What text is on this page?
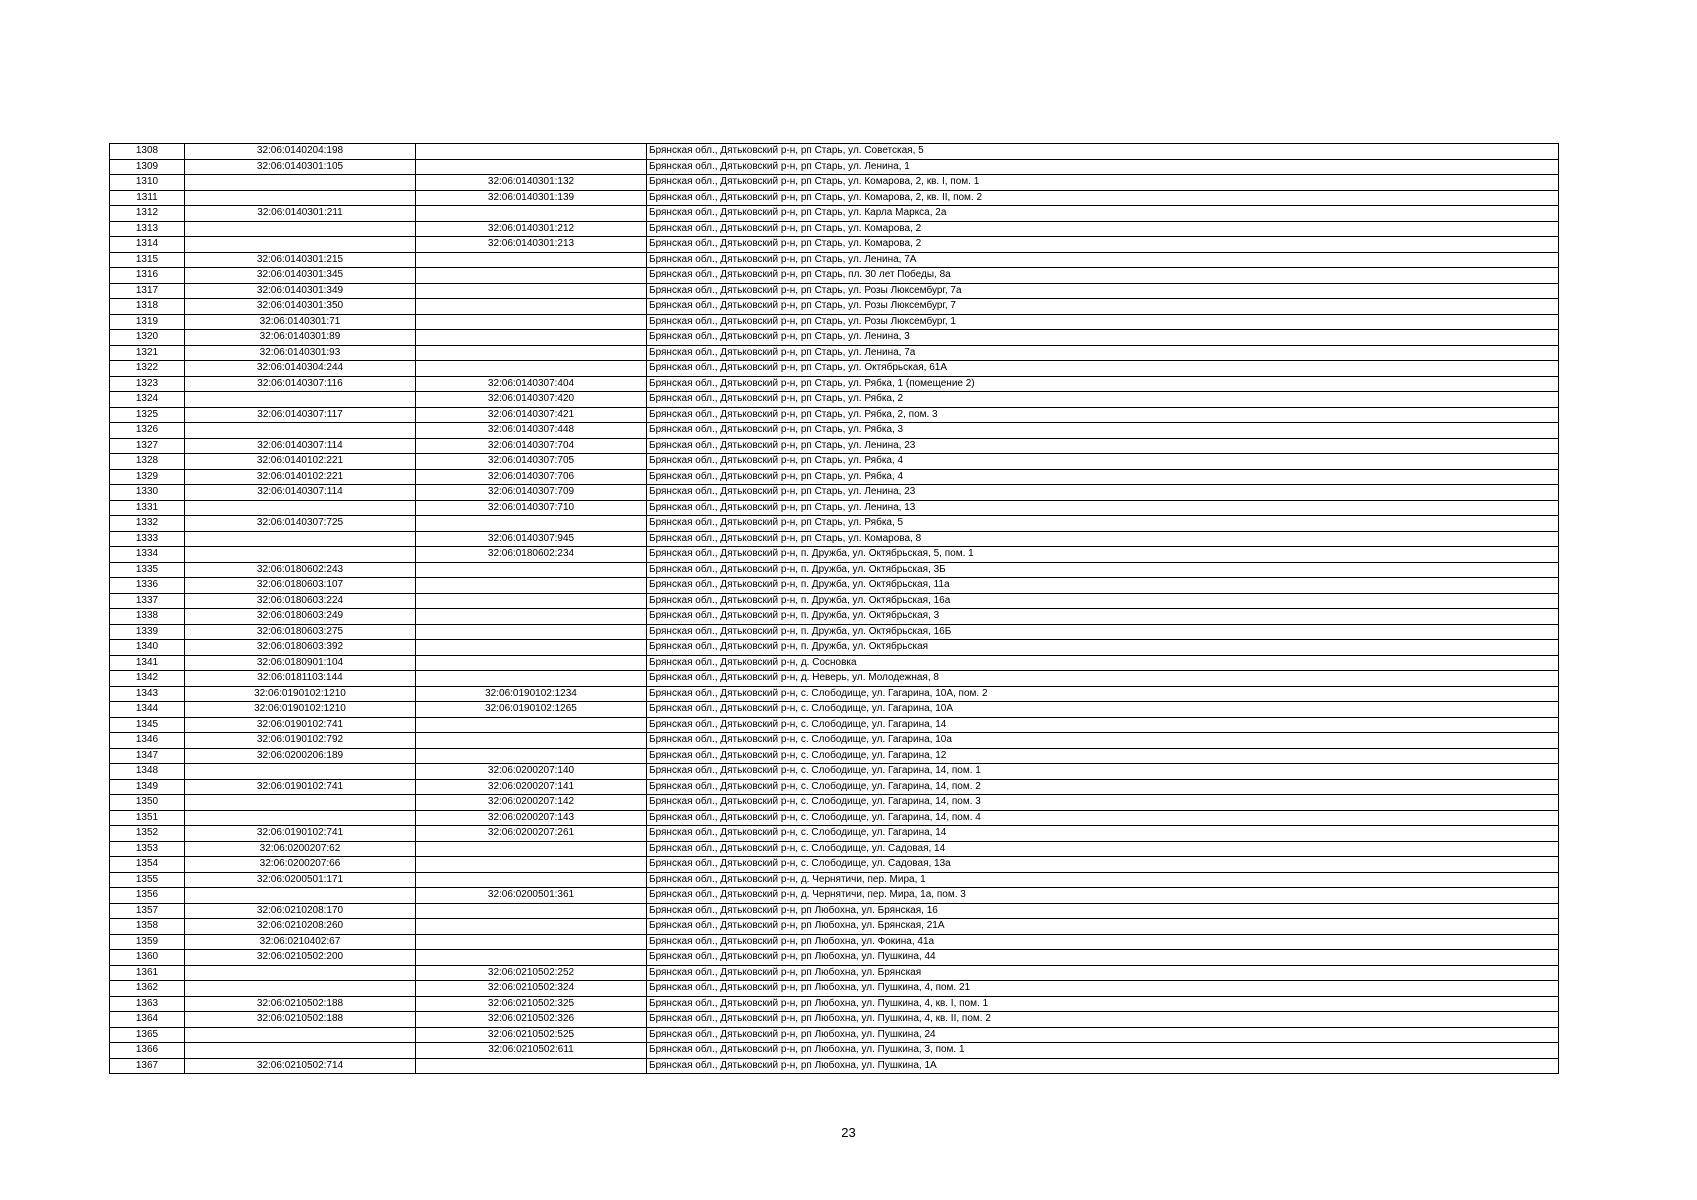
1308	32:06:0140204:198		Брянская обл., Дятьковский р-н, рп Старь, ул. Советская, 5
1309	32:06:0140301:105		Брянская обл., Дятьковский р-н, рп Старь, ул. Ленина, 1
1310		32:06:0140301:132	Брянская обл., Дятьковский р-н, рп Старь, ул. Комарова, 2, кв. I, пом. 1
1311		32:06:0140301:139	Брянская обл., Дятьковский р-н, рп Старь, ул. Комарова, 2, кв. II, пом. 2
1312	32:06:0140301:211		Брянская обл., Дятьковский р-н, рп Старь, ул. Карла Маркса, 2а
1313		32:06:0140301:212	Брянская обл., Дятьковский р-н, рп Старь, ул. Комарова, 2
1314		32:06:0140301:213	Брянская обл., Дятьковский р-н, рп Старь, ул. Комарова, 2
1315	32:06:0140301:215		Брянская обл., Дятьковский р-н, рп Старь, ул. Ленина, 7А
1316	32:06:0140301:345		Брянская обл., Дятьковский р-н, рп Старь, пл. 30 лет Победы, 8а
1317	32:06:0140301:349		Брянская обл., Дятьковский р-н, рп Старь, ул. Розы Люксембург, 7а
1318	32:06:0140301:350		Брянская обл., Дятьковский р-н, рп Старь, ул. Розы Люксембург, 7
1319	32:06:0140301:71		Брянская обл., Дятьковский р-н, рп Старь, ул. Розы Люксембург, 1
1320	32:06:0140301:89		Брянская обл., Дятьковский р-н, рп Старь, ул. Ленина, 3
1321	32:06:0140301:93		Брянская обл., Дятьковский р-н, рп Старь, ул. Ленина, 7а
1322	32:06:0140304:244		Брянская обл., Дятьковский р-н, рп Старь, ул. Октябрьская, 61А
1323	32:06:0140307:116	32:06:0140307:404	Брянская обл., Дятьковский р-н, рп Старь, ул. Рябка, 1 (помещение 2)
1324		32:06:0140307:420	Брянская обл., Дятьковский р-н, рп Старь, ул. Рябка, 2
1325	32:06:0140307:117	32:06:0140307:421	Брянская обл., Дятьковский р-н, рп Старь, ул. Рябка, 2, пом. 3
1326		32:06:0140307:448	Брянская обл., Дятьковский р-н, рп Старь, ул. Рябка, 3
1327	32:06:0140307:114	32:06:0140307:704	Брянская обл., Дятьковский р-н, рп Старь, ул. Ленина, 23
1328	32:06:0140102:221	32:06:0140307:705	Брянская обл., Дятьковский р-н, рп Старь, ул. Рябка, 4
1329	32:06:0140102:221	32:06:0140307:706	Брянская обл., Дятьковский р-н, рп Старь, ул. Рябка, 4
1330	32:06:0140307:114	32:06:0140307:709	Брянская обл., Дятьковский р-н, рп Старь, ул. Ленина, 23
1331		32:06:0140307:710	Брянская обл., Дятьковский р-н, рп Старь, ул. Ленина, 13
1332	32:06:0140307:725		Брянская обл., Дятьковский р-н, рп Старь, ул. Рябка, 5
1333		32:06:0140307:945	Брянская обл., Дятьковский р-н, рп Старь, ул. Комарова, 8
1334		32:06:0180602:234	Брянская обл., Дятьковский р-н, п. Дружба, ул. Октябрьская, 5, пом. 1
1335	32:06:0180602:243		Брянская обл., Дятьковский р-н, п. Дружба, ул. Октябрьская, 3Б
1336	32:06:0180603:107		Брянская обл., Дятьковский р-н, п. Дружба, ул. Октябрьская, 11а
1337	32:06:0180603:224		Брянская обл., Дятьковский р-н, п. Дружба, ул. Октябрьская, 16а
1338	32:06:0180603:249		Брянская обл., Дятьковский р-н, п. Дружба, ул. Октябрьская, 3
1339	32:06:0180603:275		Брянская обл., Дятьковский р-н, п. Дружба, ул. Октябрьская, 16Б
1340	32:06:0180603:392		Брянская обл., Дятьковский р-н, п. Дружба, ул. Октябрьская
1341	32:06:0180901:104		Брянская обл., Дятьковский р-н, д. Сосновка
1342	32:06:0181103:144		Брянская обл., Дятьковский р-н, д. Неверь, ул. Молодежная, 8
1343	32:06:0190102:1210	32:06:0190102:1234	Брянская обл., Дятьковский р-н, с. Слободище, ул. Гагарина, 10А, пом. 2
1344	32:06:0190102:1210	32:06:0190102:1265	Брянская обл., Дятьковский р-н, с. Слободище, ул. Гагарина, 10А
1345	32:06:0190102:741		Брянская обл., Дятьковский р-н, с. Слободище, ул. Гагарина, 14
1346	32:06:0190102:792		Брянская обл., Дятьковский р-н, с. Слободище, ул. Гагарина, 10а
1347	32:06:0200206:189		Брянская обл., Дятьковский р-н, с. Слободище, ул. Гагарина, 12
1348		32:06:0200207:140	Брянская обл., Дятьковский р-н, с. Слободище, ул. Гагарина, 14, пом. 1
1349	32:06:0190102:741	32:06:0200207:141	Брянская обл., Дятьковский р-н, с. Слободище, ул. Гагарина, 14, пом. 2
1350		32:06:0200207:142	Брянская обл., Дятьковский р-н, с. Слободище, ул. Гагарина, 14, пом. 3
1351		32:06:0200207:143	Брянская обл., Дятьковский р-н, с. Слободище, ул. Гагарина, 14, пом. 4
1352	32:06:0190102:741	32:06:0200207:261	Брянская обл., Дятьковский р-н, с. Слободище, ул. Гагарина, 14
1353	32:06:0200207:62		Брянская обл., Дятьковский р-н, с. Слободище, ул. Садовая, 14
1354	32:06:0200207:66		Брянская обл., Дятьковский р-н, с. Слободище, ул. Садовая, 13а
1355	32:06:0200501:171		Брянская обл., Дятьковский р-н, д. Чернятичи, пер. Мира, 1
1356		32:06:0200501:361	Брянская обл., Дятьковский р-н, д. Чернятичи, пер. Мира, 1а, пом. 3
1357	32:06:0210208:170		Брянская обл., Дятьковский р-н, рп Любохна, ул. Брянская, 16
1358	32:06:0210208:260		Брянская обл., Дятьковский р-н, рп Любохна, ул. Брянская, 21А
1359	32:06:0210402:67		Брянская обл., Дятьковский р-н, рп Любохна, ул. Фокина, 41а
1360	32:06:0210502:200		Брянская обл., Дятьковский р-н, рп Любохна, ул. Пушкина, 44
1361		32:06:0210502:252	Брянская обл., Дятьковский р-н, рп Любохна, ул. Брянская
1362		32:06:0210502:324	Брянская обл., Дятьковский р-н, рп Любохна, ул. Пушкина, 4, пом. 21
1363	32:06:0210502:188	32:06:0210502:325	Брянская обл., Дятьковский р-н, рп Любохна, ул. Пушкина, 4, кв. I, пом. 1
1364	32:06:0210502:188	32:06:0210502:326	Брянская обл., Дятьковский р-н, рп Любохна, ул. Пушкина, 4, кв. II, пом. 2
1365		32:06:0210502:525	Брянская обл., Дятьковский р-н, рп Любохна, ул. Пушкина, 24
1366		32:06:0210502:611	Брянская обл., Дятьковский р-н, рп Любохна, ул. Пушкина, 3, пом. 1
1367	32:06:0210502:714		Брянская обл., Дятьковский р-н, рп Любохна, ул. Пушкина, 1А
23
